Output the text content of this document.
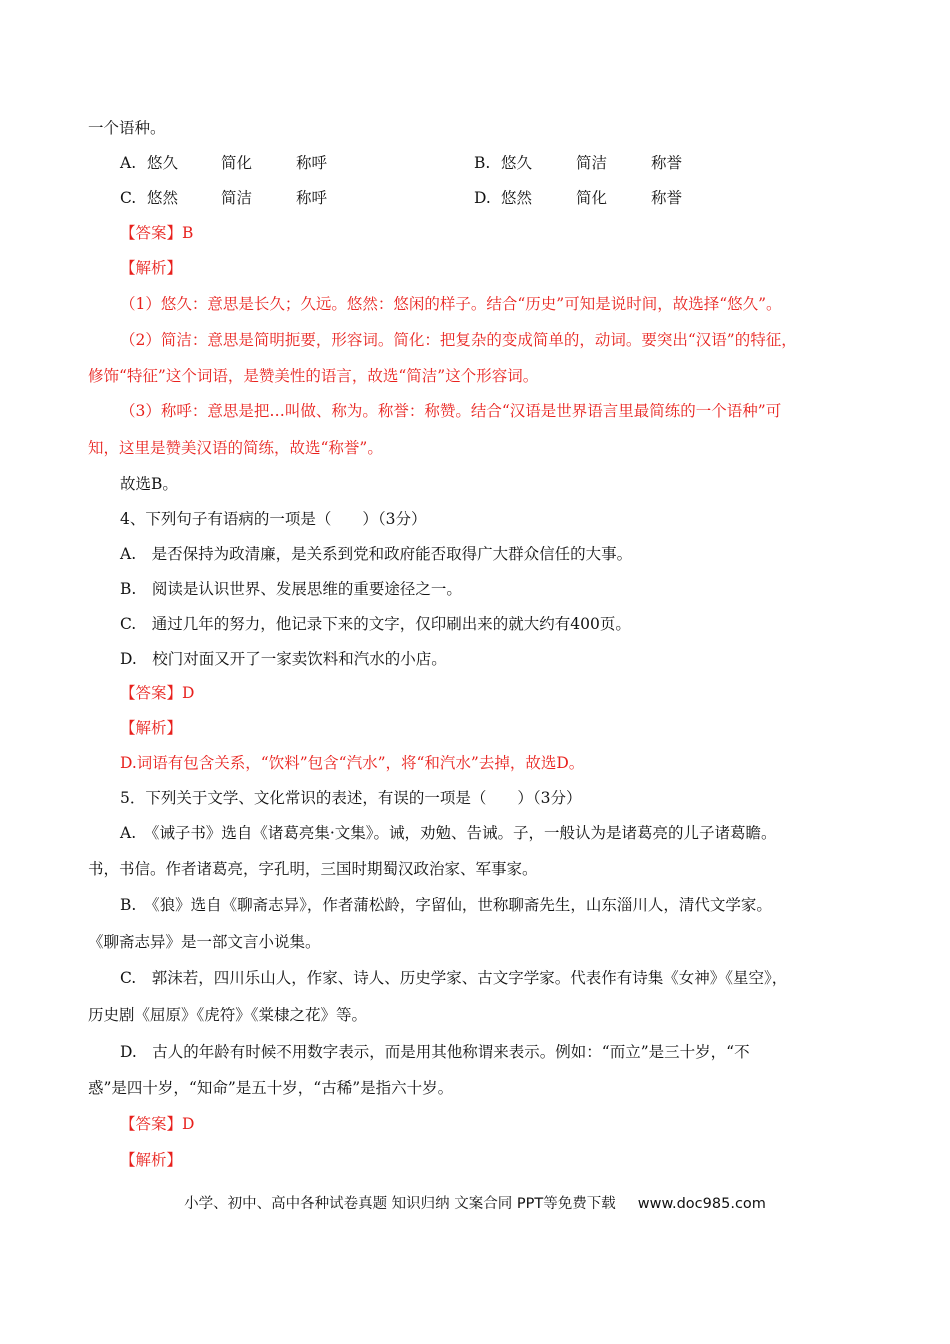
一个语种。
A. 悠久	简化	称呼	B. 悠久	简洁	称誉
C. 悠然	简洁	称呼	D. 悠然	简化	称誉
【答案】B
【解析】
（1）悠久：意思是长久；久远。悠然：悠闲的样子。结合“历史”可知是说时间，故选择“悠久”。
（2）简洁：意思是简明扼要，形容词。简化：把复杂的变成简单的，动词。要突出“汉语”的特征，
修饰“特征”这个词语，是赞美性的语言，故选“简洁”这个形容词。
（3）称呼：意思是把…叫做、称为。称誉：称赞。结合“汉语是世界语言里最简练的一个语种”可
知，这里是赞美汉语的简练，故选“称誉”。
故选B。
4、下列句子有语病的一项是（　　）（3分）
A.　是否保持为政清廉，是关系到党和政府能否取得广大群众信任的大事。
B.　阅读是认识世界、发展思维的重要途径之一。
C.　通过几年的努力，他记录下来的文字，仅印刷出来的就大约有400页。
D.　校门对面又开了一家卖饮料和汽水的小店。
【答案】D
【解析】
D.词语有包含关系，“饮料”包含“汽水”，将“和汽水”去掉，故选D。
5．下列关于文学、文化常识的表述，有误的一项是（　　）（3分）
A.　《诫子书》选自《诸葛亮集·文集》。诫，劝勉、告诫。子，一般认为是诸葛亮的儿子诸葛瞻。
书，书信。作者诸葛亮，字孔明，三国时期蜀汉政治家、军事家。
B.　《狼》选自《聊斋志异》，作者蒲松龄，字留仙，世称聊斋先生，山东淄川人，清代文学家。
《聊斋志异》是一部文言小说集。
C.　郭沫若，四川乐山人，作家、诗人、历史学家、古文字学家。代表作有诗集《女神》《星空》，
历史剧《屈原》《虎符》《棠棣之花》等。
D.　古人的年龄有时候不用数字表示，而是用其他称谓来表示。例如：“而立”是三十岁，“不
惑”是四十岁，“知命”是五十岁，“古稀”是指六十岁。
【答案】D
【解析】
小学、初中、高中各种试卷真题 知识归纳 文案合同 PPT等免费下载 www.doc985.com
